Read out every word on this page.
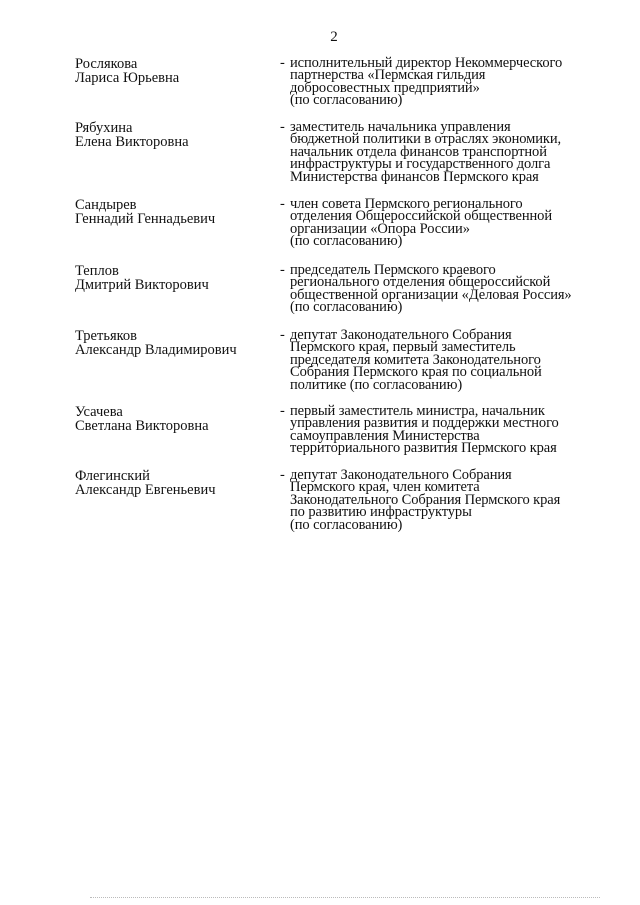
2
Рослякова
Лариса Юрьевна
- исполнительный директор Некоммерческого
партнерства «Пермская гильдия
добросовестных предприятий»
(по согласованию)
Рябухина
Елена Викторовна
- заместитель начальника управления
бюджетной политики в отраслях экономики,
начальник отдела финансов транспортной
инфраструктуры и государственного долга
Министерства финансов Пермского края
Сандырев
Геннадий Геннадьевич
- член совета Пермского регионального
отделения Общероссийской общественной
организации «Опора России»
(по согласованию)
Теплов
Дмитрий Викторович
- председатель Пермского краевого
регионального отделения общероссийской
общественной организации «Деловая Россия»
(по согласованию)
Третьяков
Александр Владимирович
- депутат Законодательного Собрания
Пермского края, первый заместитель
председателя комитета Законодательного
Собрания Пермского края по социальной
политике (по согласованию)
Усачева
Светлана Викторовна
- первый заместитель министра, начальник
управления развития и поддержки местного
самоуправления Министерства
территориального развития Пермского края
Флегинский
Александр Евгеньевич
- депутат Законодательного Собрания
Пермского края, член комитета
Законодательного Собрания Пермского края
по развитию инфраструктуры
(по согласованию)
